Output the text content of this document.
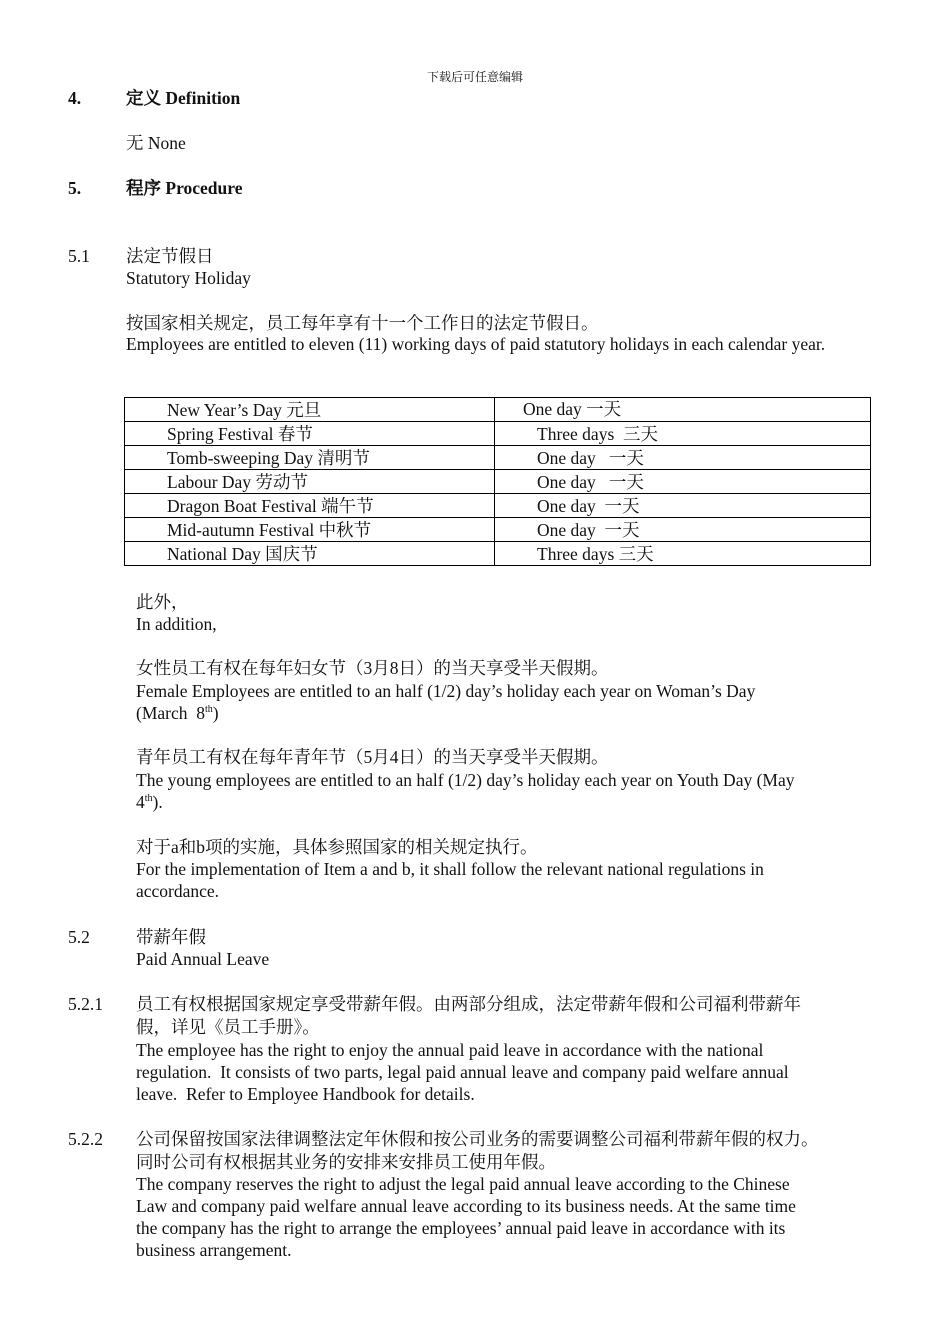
下载后可任意编辑
4.	定义 Definition
无 None
5.	程序 Procedure
5.1 法定节假日
Statutory Holiday
按国家相关规定，员工每年享有十一个工作日的法定节假日。
Employees are entitled to eleven (11) working days of paid statutory holidays in each calendar year.
New Year’s Day 元旦	One day 一天
Spring Festival 春节	Three days  三天
Tomb-sweeping Day 清明节	One day   一天
Labour Day 劳动节	One day   一天
Dragon Boat Festival 端午节	One day  一天
Mid-autumn Festival 中秋节	One day  一天
National Day 国庆节	Three days 三天
此外，
In addition,
女性员工有权在每年妇女节（3月8日）的当天享受半天假期。
Female Employees are entitled to an half (1/2) day’s holiday each year on Woman’s Day
(March  8th)
青年员工有权在每年青年节（5月4日）的当天享受半天假期。
The young employees are entitled to an half (1/2) day’s holiday each year on Youth Day (May
4th).
对于a和b项的实施，具体参照国家的相关规定执行。
For the implementation of Item a and b, it shall follow the relevant national regulations in
accordance.
5.2	带薪年假
Paid Annual Leave
5.2.1 员工有权根据国家规定享受带薪年假。由两部分组成，法定带薪年假和公司福利带薪年
假，详见《员工手册》。
The employee has the right to enjoy the annual paid leave in accordance with the national
regulation.  It consists of two parts, legal paid annual leave and company paid welfare annual
leave.  Refer to Employee Handbook for details.
5.2.2 公司保留按国家法律调整法定年休假和按公司业务的需要调整公司福利带薪年假的权力。
同时公司有权根据其业务的安排来安排员工使用年假。
The company reserves the right to adjust the legal paid annual leave according to the Chinese
Law and company paid welfare annual leave according to its business needs. At the same time
the company has the right to arrange the employees’ annual paid leave in accordance with its
business arrangement.
